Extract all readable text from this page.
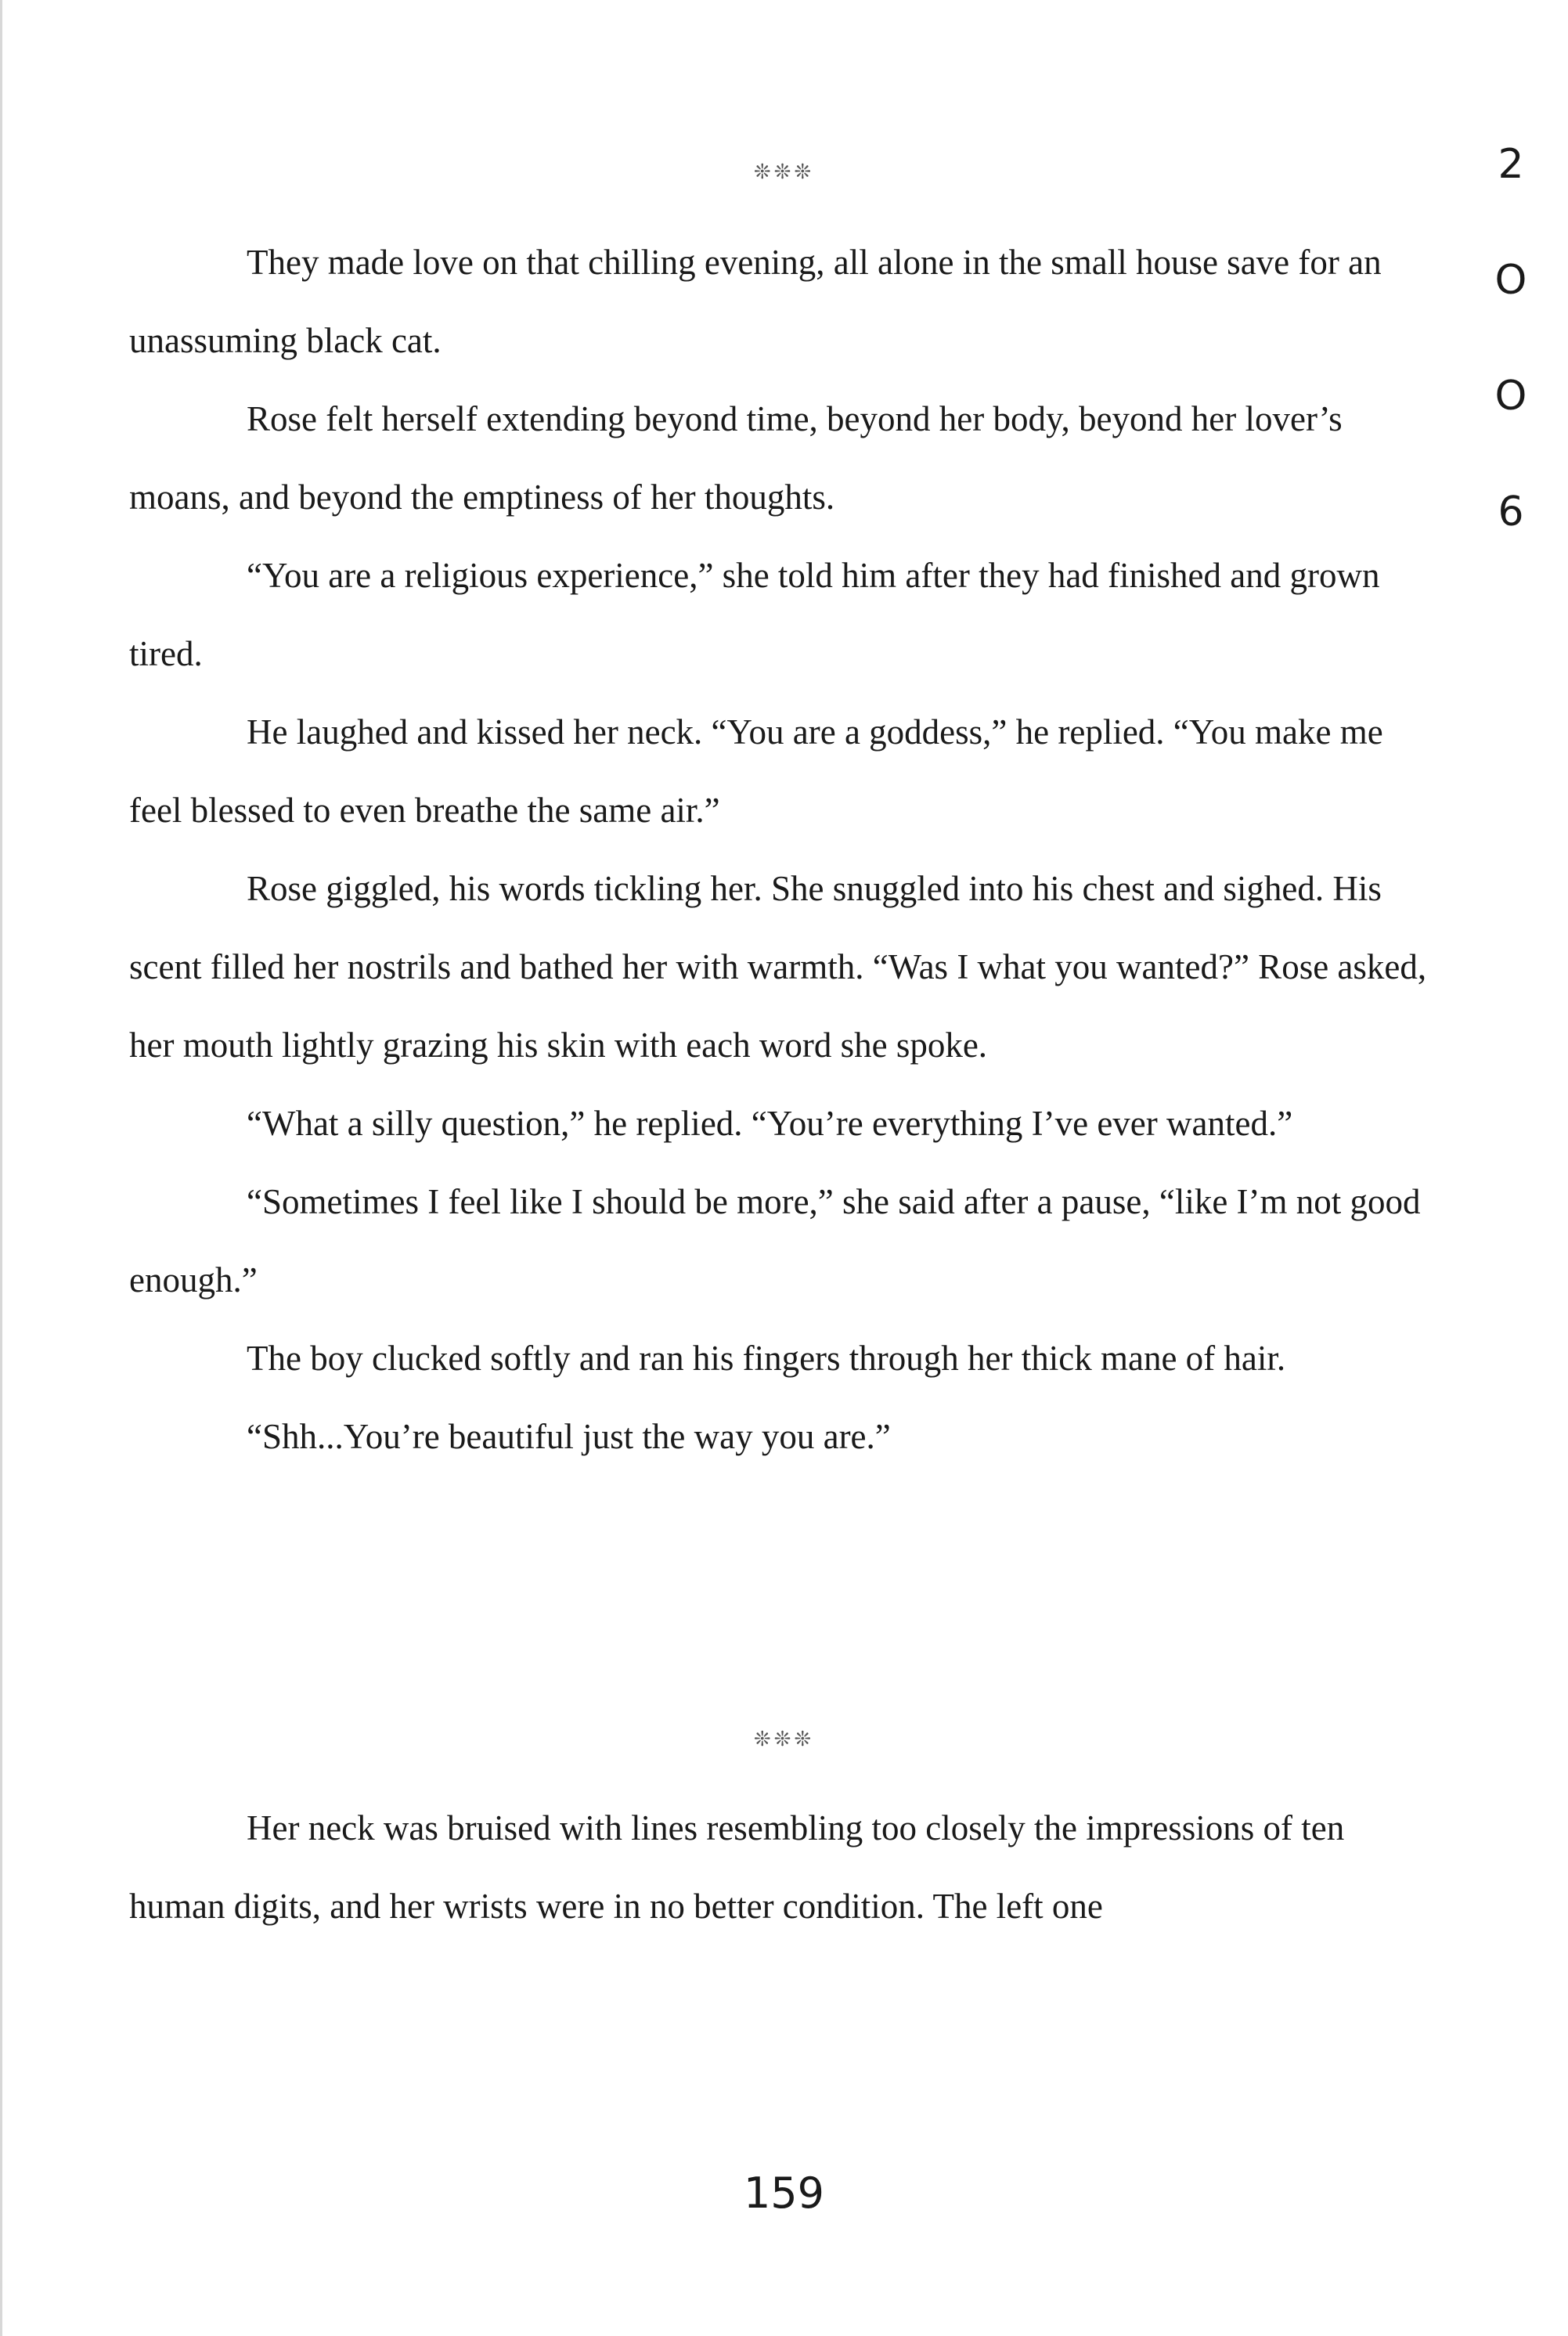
❊❊❊	2
O
O
6

They made love on that chilling evening, all alone in the small house save for an unassuming black cat.

Rose felt herself extending beyond time, beyond her body, beyond her lover’s moans, and beyond the emptiness of her thoughts.

“You are a religious experience,” she told him after they had finished and grown tired.

He laughed and kissed her neck. “You are a goddess,” he replied. “You make me feel blessed to even breathe the same air.”

Rose giggled, his words tickling her. She snuggled into his chest and sighed. His scent filled her nostrils and bathed her with warmth. “Was I what you wanted?” Rose asked, her mouth lightly grazing his skin with each word she spoke.

“What a silly question,” he replied. “You’re everything I’ve ever wanted.”

“Sometimes I feel like I should be more,” she said after a pause, “like I’m not good enough.”

The boy clucked softly and ran his fingers through her thick mane of hair.

“Shh...You’re beautiful just the way you are.”

❊❊❊

Her neck was bruised with lines resembling too closely the impressions of ten human digits, and her wrists were in no better condition. The left one

159
